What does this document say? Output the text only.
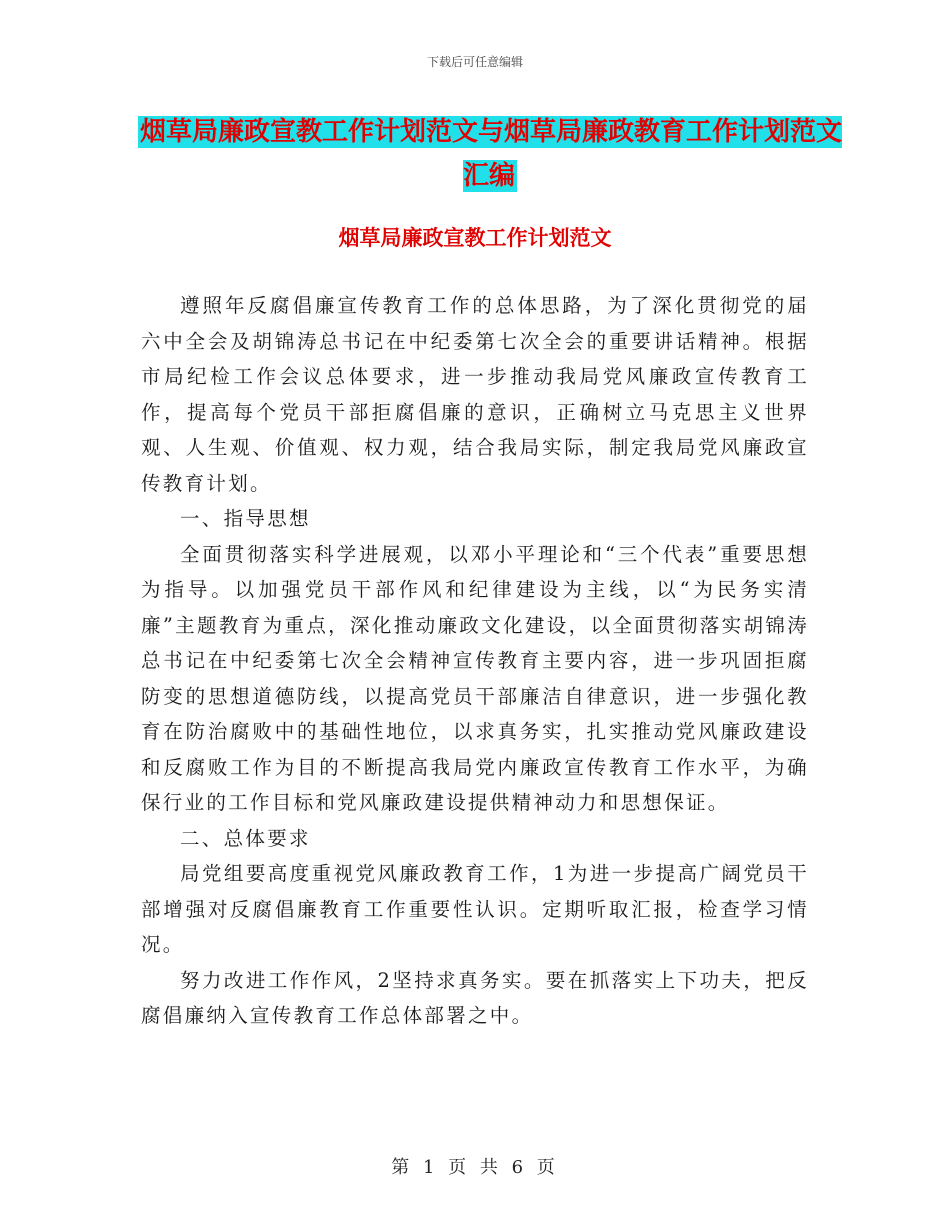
下载后可任意编辑
烟草局廉政宣教工作计划范文与烟草局廉政教育工作计划范文汇编
烟草局廉政宣教工作计划范文

遵照年反腐倡廉宣传教育工作的总体思路，为了深化贯彻党的届六中全会及胡锦涛总书记在中纪委第七次全会的重要讲话精神。根据市局纪检工作会议总体要求，进一步推动我局党风廉政宣传教育工作，提高每个党员干部拒腐倡廉的意识，正确树立马克思主义世界观、人生观、价值观、权力观，结合我局实际，制定我局党风廉政宣传教育计划。

一、指导思想

全面贯彻落实科学进展观，以邓小平理论和“三个代表”重要思想为指导。以加强党员干部作风和纪律建设为主线，以“为民务实清廉”主题教育为重点，深化推动廉政文化建设，以全面贯彻落实胡锦涛总书记在中纪委第七次全会精神宣传教育主要内容，进一步巩固拒腐防变的思想道德防线，以提高党员干部廉洁自律意识，进一步强化教育在防治腐败中的基础性地位，以求真务实，扎实推动党风廉政建设和反腐败工作为目的不断提高我局党内廉政宣传教育工作水平，为确保行业的工作目标和党风廉政建设提供精神动力和思想保证。

二、总体要求

局党组要高度重视党风廉政教育工作，1为进一步提高广阔党员干部增强对反腐倡廉教育工作重要性认识。定期听取汇报，检查学习情况。

努力改进工作作风，2坚持求真务实。要在抓落实上下功夫，把反腐倡廉纳入宣传教育工作总体部署之中。

第 1 页 共 6 页
